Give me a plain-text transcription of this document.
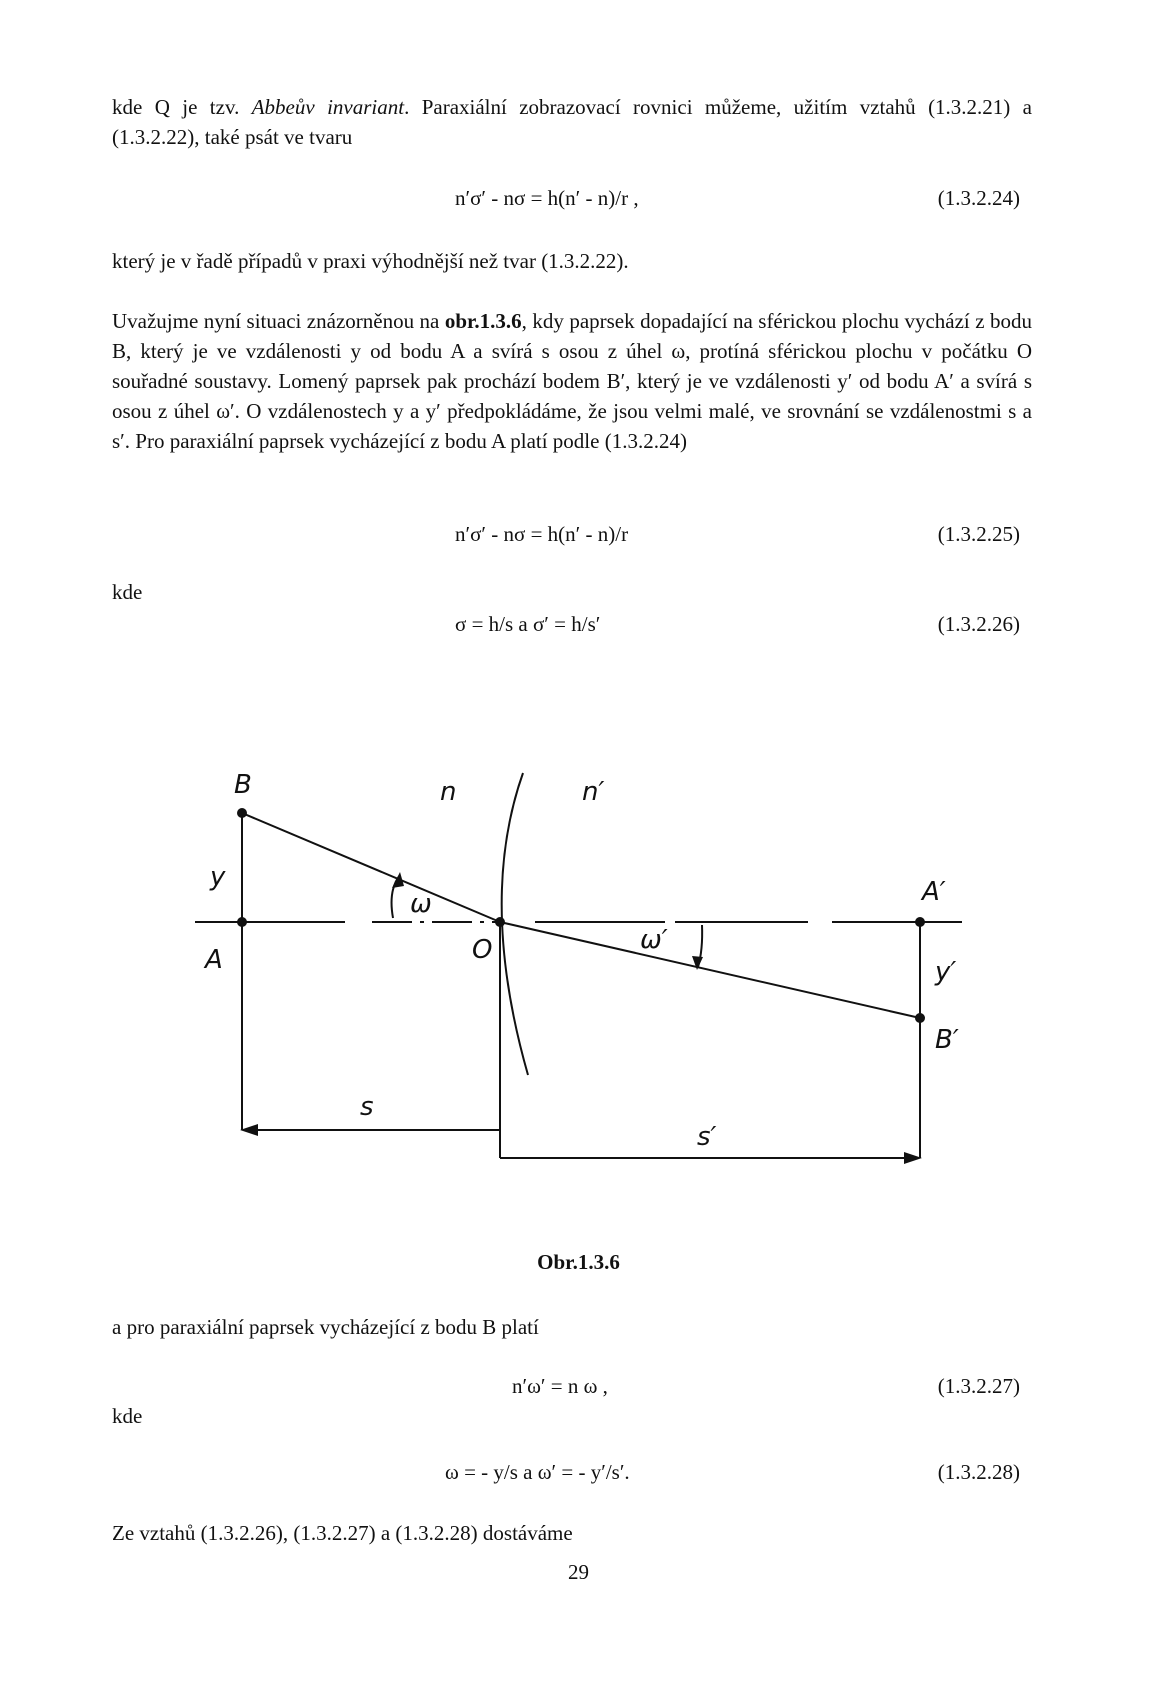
kde Q je tzv. Abbeův invariant. Paraxiální zobrazovací rovnici můžeme, užitím vztahů (1.3.2.21) a (1.3.2.22), také psát ve tvaru

n′σ′ - nσ = h(n′ - n)/r ,	(1.3.2.24)

který je v řadě případů v praxi výhodnější než tvar (1.3.2.22).

Uvažujme nyní situaci znázorněnou na obr.1.3.6, kdy paprsek dopadající na sférickou plochu vychází z bodu B, který je ve vzdálenosti y od bodu A a svírá s osou z úhel ω, protíná sférickou plochu v počátku O souřadné soustavy. Lomený paprsek pak prochází bodem B′, který je ve vzdálenosti y′ od bodu A′ a svírá s osou z úhel ω′. O vzdálenostech y a y′ předpokládáme, že jsou velmi malé, ve srovnání se vzdálenostmi s a s′. Pro paraxiální paprsek vycházející z bodu A platí podle (1.3.2.24)

n′σ′ - nσ = h(n′ - n)/r	(1.3.2.25)
kde
σ = h/s a σ′ = h/s′	(1.3.2.26)
B
y
A
n	n′
ω
O	ω′
A′
y′
B′
s
s′
Obr.1.3.6

a pro paraxiální paprsek vycházející z bodu B platí

n′ω′ = n ω ,	(1.3.2.27)
kde
ω = - y/s a ω′ = - y′/s′.	(1.3.2.28)

Ze vztahů (1.3.2.26), (1.3.2.27) a (1.3.2.28) dostáváme

29
